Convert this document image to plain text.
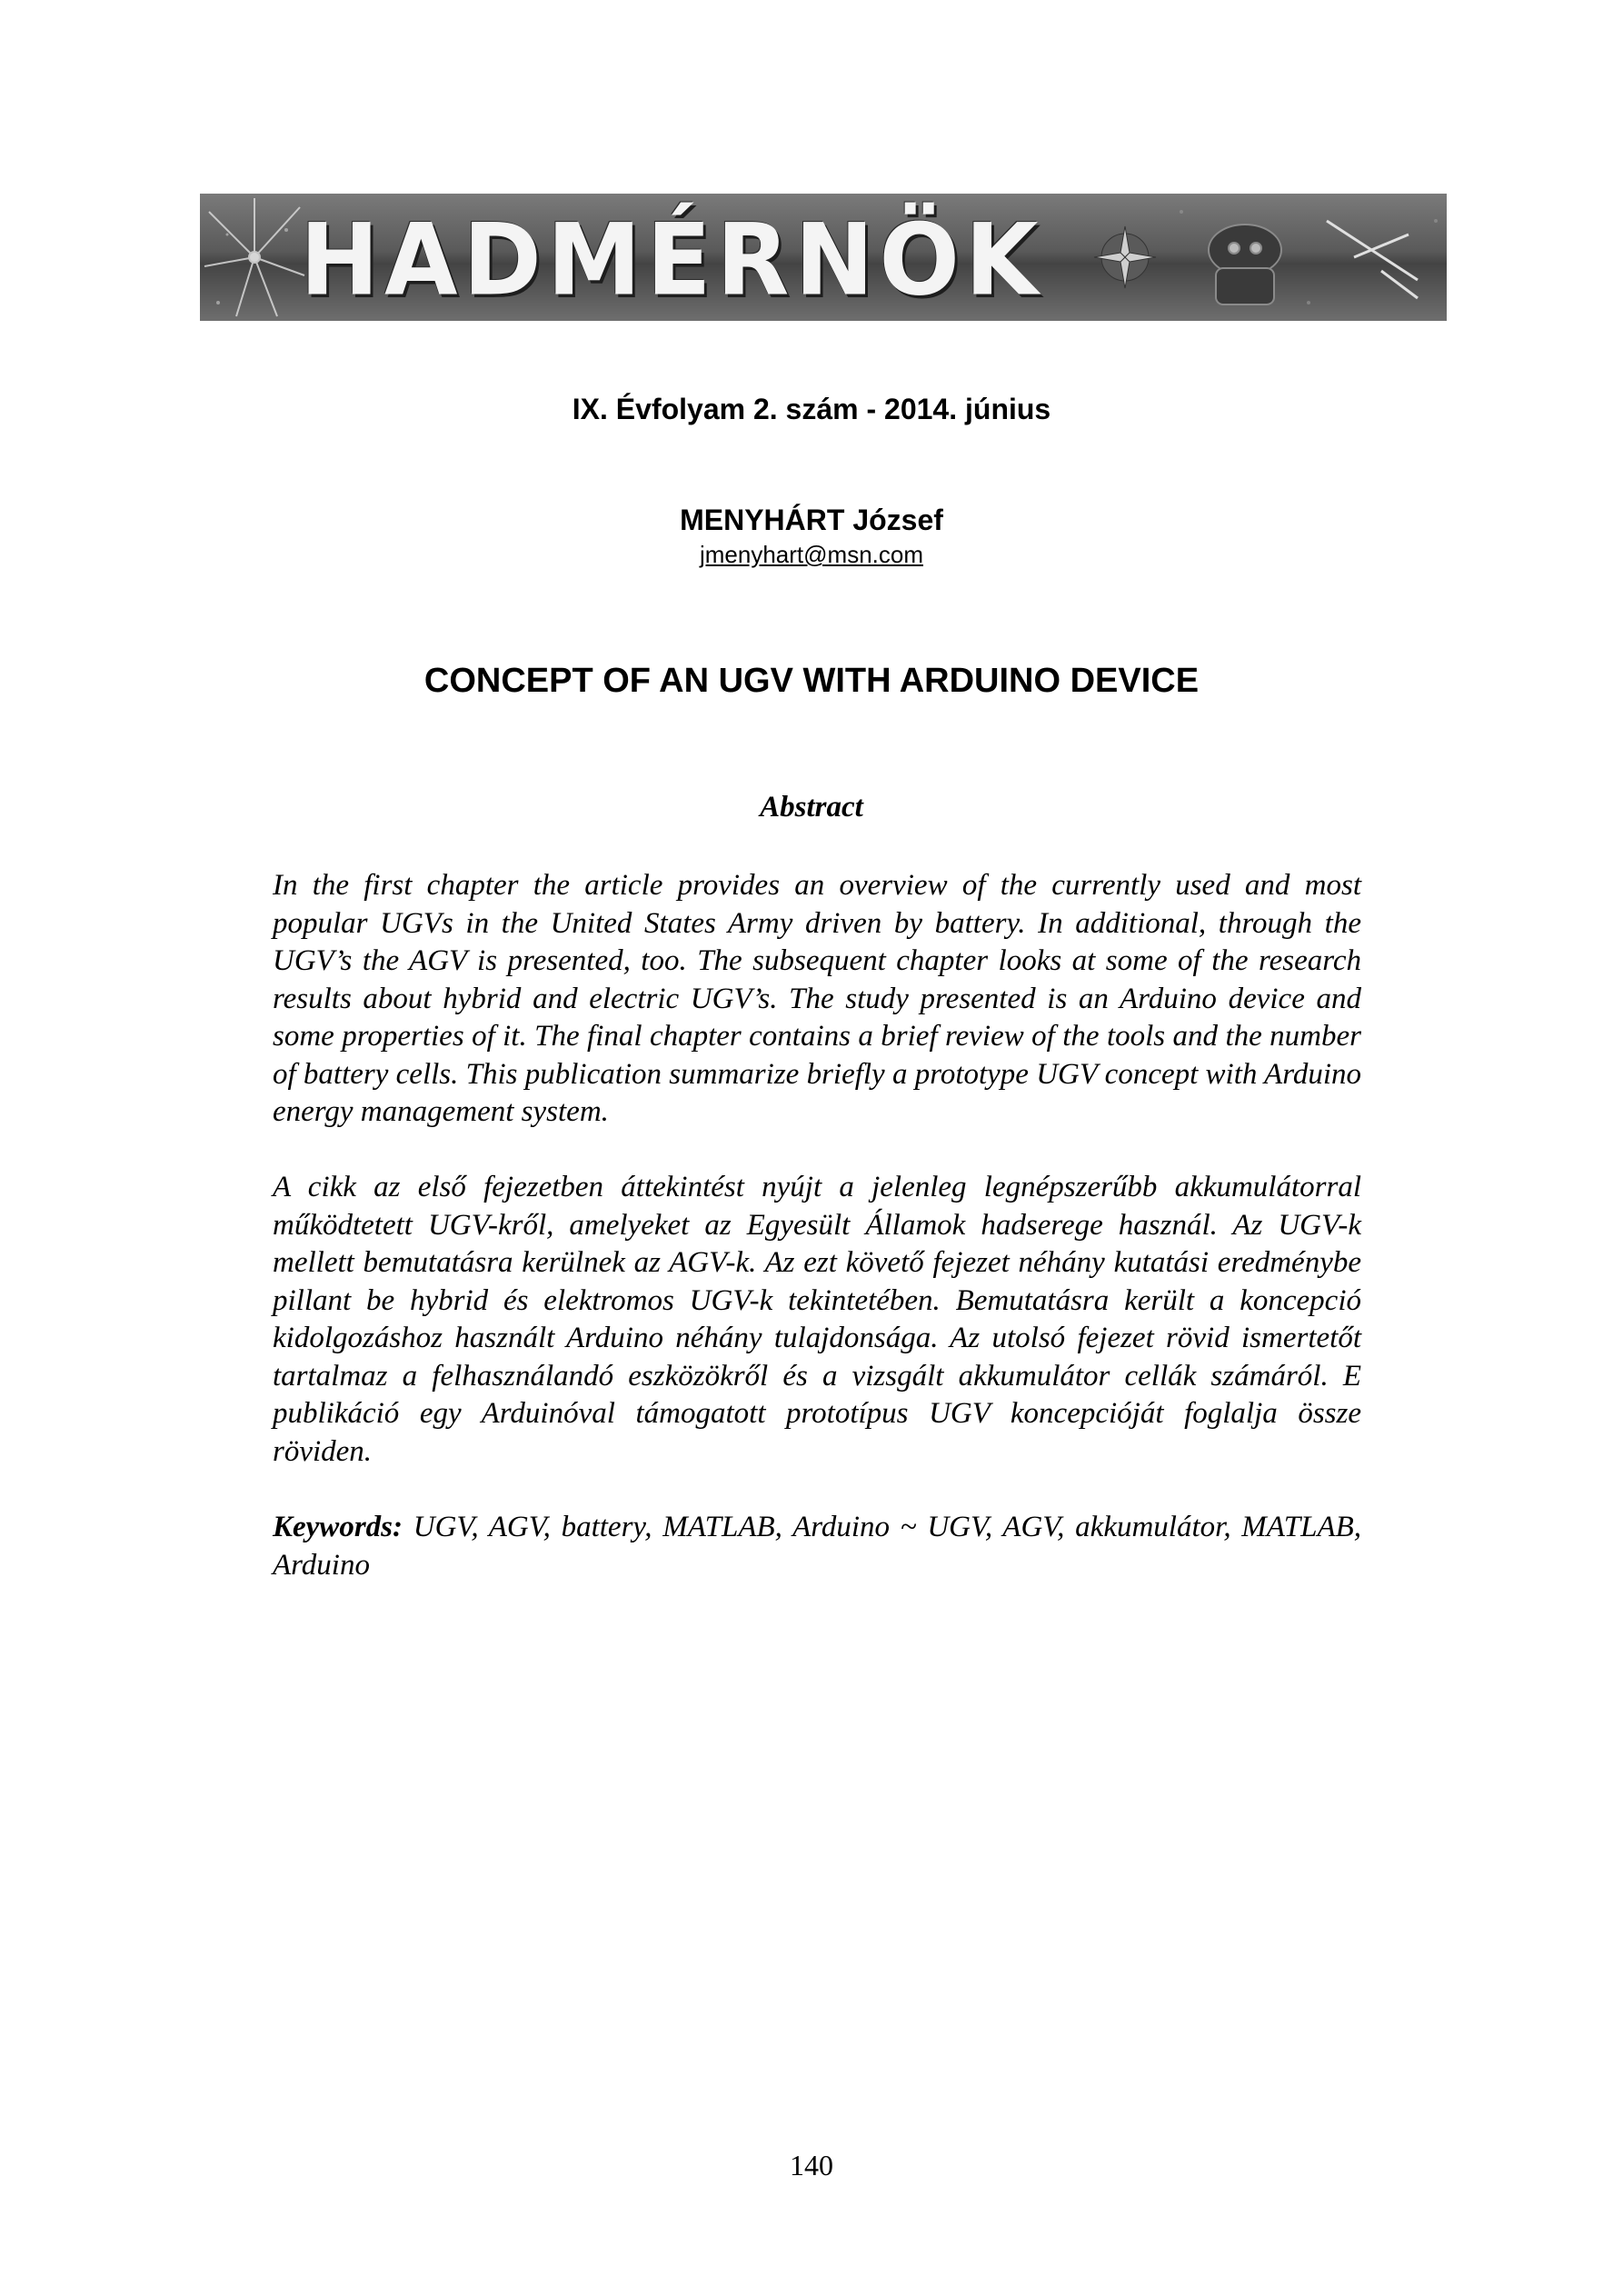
HADMÉRNÖK
IX. Évfolyam 2. szám - 2014. június
MENYHÁRT József
jmenyhart@msn.com
CONCEPT OF AN UGV WITH ARDUINO DEVICE
Abstract

In the first chapter the article provides an overview of the currently used and most popular UGVs in the United States Army driven by battery. In additional, through the UGV’s the AGV is presented, too. The subsequent chapter looks at some of the research results about hybrid and electric UGV’s. The study presented is an Arduino device and some properties of it. The final chapter contains a brief review of the tools and the number of battery cells. This publication summarize briefly a prototype UGV concept with Arduino energy management system.

A cikk az első fejezetben áttekintést nyújt a jelenleg legnépszerűbb akkumulátorral működtetett UGV-kről, amelyeket az Egyesült Államok hadserege használ. Az UGV-k mellett bemutatásra kerülnek az AGV-k. Az ezt követő fejezet néhány kutatási eredménybe pillant be hybrid és elektromos UGV-k tekintetében. Bemutatásra került a koncepció kidolgozáshoz használt Arduino néhány tulajdonsága. Az utolsó fejezet rövid ismertetőt tartalmaz a felhasználandó eszközökről és a vizsgált akkumulátor cellák számáról. E publikáció egy Arduinóval támogatott prototípus UGV koncepcióját foglalja össze röviden.

Keywords: UGV, AGV, battery, MATLAB, Arduino ~ UGV, AGV, akkumulátor, MATLAB, Arduino

140
